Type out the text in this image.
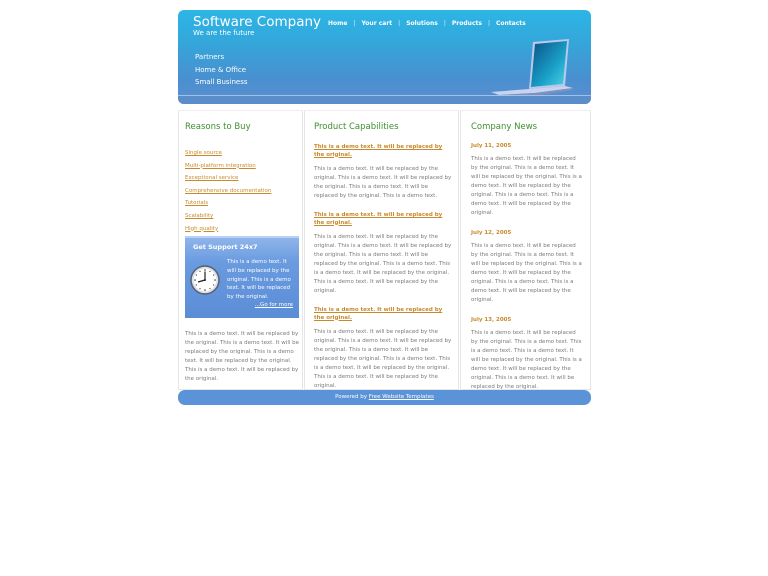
Software Company
We are the future
Home | Your cart | Solutions | Products | Contacts
Partners
Home & Office
Small Business
Reasons to Buy
Single source
Multi-platform integration
Exceptional service
Comprehensive documentation
Tutorials
Scalability
High quality
Get Support 24x7

This is a demo text. It will be replaced by the original. This is a demo text. It will be replaced by the original.

...Go for more
This is a demo text. It will be replaced by the original. This is a demo text. It will be replaced by the original. This is a demo text. It will be replaced by the original. This is a demo text. It will be replaced by the original.
Product Capabilities
This is a demo text. It will be replaced by the original.

This is a demo text. It will be replaced by the original. This is a demo text. It will be replaced by the original. This is a demo text. It will be replaced by the original. This is a demo text.

This is a demo text. It will be replaced by the original.

This is a demo text. It will be replaced by the original. This is a demo text. It will be replaced by the original. This is a demo text. It will be replaced by the original. This is a demo text. This is a demo text. It will be replaced by the original. This is a demo text. It will be replaced by the original.

This is a demo text. It will be replaced by the original.

This is a demo text. It will be replaced by the original. This is a demo text. It will be replaced by the original. This is a demo text. It will be replaced by the original. This is a demo text. This is a demo text. It will be replaced by the original. This is a demo text. It will be replaced by the original.

Company News
July 11, 2005

This is a demo text. It will be replaced by the original. This is a demo text. It will be replaced by the original. This is a demo text. It will be replaced by the original. This is a demo text. This is a demo text. It will be replaced by the original.

July 12, 2005

This is a demo text. It will be replaced by the original. This is a demo text. It will be replaced by the original. This is a demo text. It will be replaced by the original. This is a demo text. This is a demo text. It will be replaced by the original.

July 13, 2005

This is a demo text. It will be replaced by the original. This is a demo text. This is a demo text. This is a demo text. It will be replaced by the original. This is a demo text. It will be replaced by the original. This is a demo text. It will be replaced by the original.

Powered by Free Website Templates
